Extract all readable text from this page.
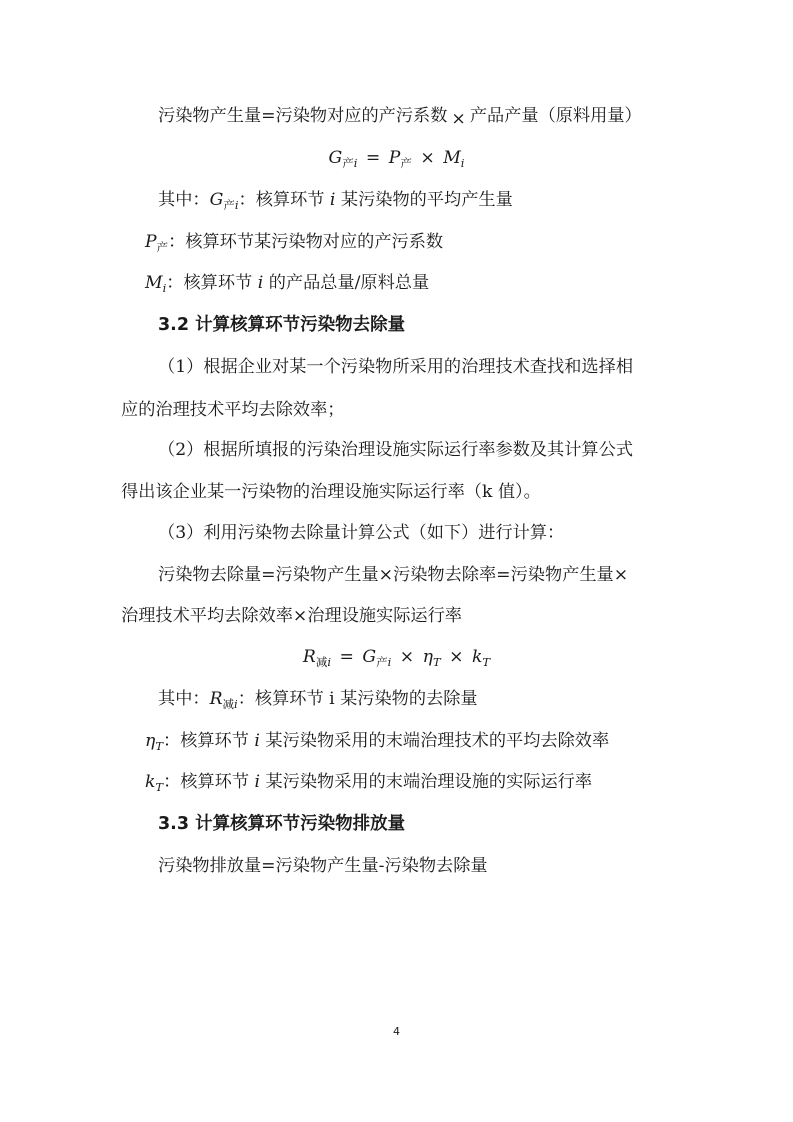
污染物产生量=污染物对应的产污系数 × 产品产量（原料用量）
$G_{产i} = P_产 \times M_i$
其中：$G_{产i}$：核算环节 i 某污染物的平均产生量
$P_产$：核算环节某污染物对应的产污系数
$M_i$：核算环节 i 的产品总量/原料总量
3.2 计算核算环节污染物去除量
（1）根据企业对某一个污染物所采用的治理技术查找和选择相
应的治理技术平均去除效率；
（2）根据所填报的污染治理设施实际运行率参数及其计算公式
得出该企业某一污染物的治理设施实际运行率（k 值）。
（3）利用污染物去除量计算公式（如下）进行计算：
污染物去除量=污染物产生量×污染物去除率=污染物产生量×
治理技术平均去除效率×治理设施实际运行率
$R_{减i} = G_{产i} \times \eta_T \times k_T$
其中：$R_{减i}$：核算环节 i 某污染物的去除量
$\eta_T$：核算环节 i 某污染物采用的末端治理技术的平均去除效率
$k_T$：核算环节 i 某污染物采用的末端治理设施的实际运行率
3.3 计算核算环节污染物排放量
污染物排放量=污染物产生量-污染物去除量
4
